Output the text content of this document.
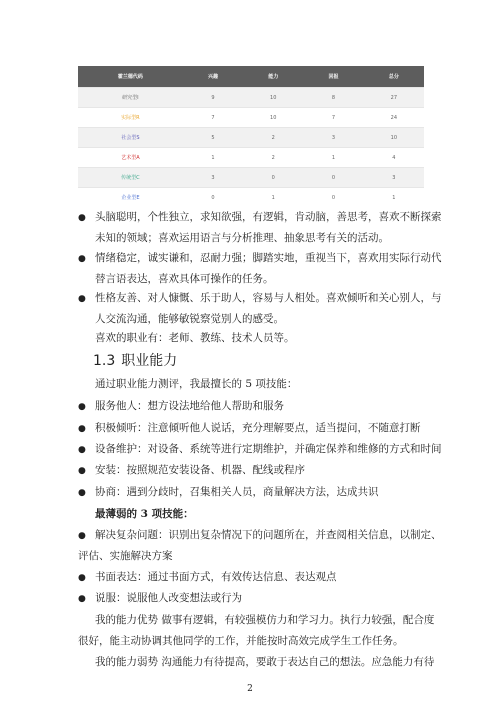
霍兰德代码	兴趣	能力	回报	总分
研究型I	9	10	8	27
实际型R	7	10	7	24
社会型S	5	2	3	10
艺术型A	1	2	1	4
传统型C	3	0	0	3
企业型E	0	1	0	1
● 头脑聪明，个性独立，求知欲强，有逻辑，肯动脑，善思考，喜欢不断探索
未知的领域；喜欢运用语言与分析推理、抽象思考有关的活动。
● 情绪稳定，诚实谦和，忍耐力强；脚踏实地，重视当下，喜欢用实际行动代
替言语表达，喜欢具体可操作的任务。
● 性格友善、对人慷慨、乐于助人，容易与人相处。喜欢倾听和关心别人，与
人交流沟通，能够敏锐察觉别人的感受。
喜欢的职业有：老师、教练、技术人员等。
1.3 职业能力
通过职业能力测评，我最擅长的 5 项技能：
● 服务他人：想方设法地给他人帮助和服务
● 积极倾听：注意倾听他人说话，充分理解要点，适当提问，不随意打断
● 设备维护：对设备、系统等进行定期维护，并确定保养和维修的方式和时间
● 安装：按照规范安装设备、机器、配线或程序
● 协商：遇到分歧时，召集相关人员，商量解决方法，达成共识
最薄弱的 3 项技能：
● 解决复杂问题：识别出复杂情况下的问题所在，并查阅相关信息，以制定、
评估、实施解决方案
● 书面表达：通过书面方式，有效传达信息、表达观点
● 说服：说服他人改变想法或行为
我的能力优势 做事有逻辑，有较强模仿力和学习力。执行力较强，配合度
很好，能主动协调其他同学的工作，并能按时高效完成学生工作任务。
我的能力弱势 沟通能力有待提高，要敢于表达自己的想法。应急能力有待
2
